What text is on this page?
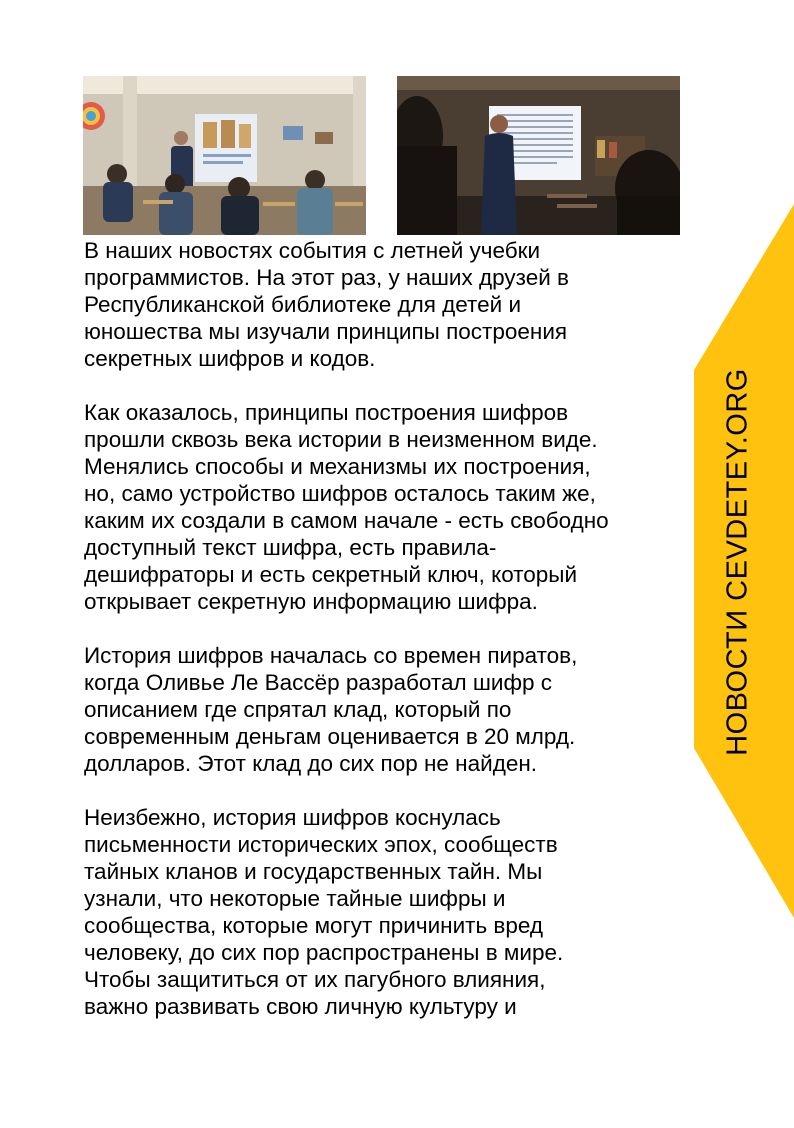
В наших новостях события с летней учебки
программистов. На этот раз, у наших друзей в
Республиканской библиотеке для детей и
юношества мы изучали принципы построения
секретных шифров и кодов.

Как оказалось, принципы построения шифров
прошли сквозь века истории в неизменном виде.
Менялись способы и механизмы их построения,
но, само устройство шифров осталось таким же,
каким их создали в самом начале - есть свободно
доступный текст шифра, есть правила-
дешифраторы и есть секретный ключ, который
открывает секретную информацию шифра.

История шифров началась со времен пиратов,
когда Оливье Ле Вассёр разработал шифр с
описанием где спрятал клад, который по
современным деньгам оценивается в 20 млрд.
долларов. Этот клад до сих пор не найден.

Неизбежно, история шифров коснулась
письменности исторических эпох, сообществ
тайных кланов и государственных тайн. Мы
узнали, что некоторые тайные шифры и
сообщества, которые могут причинить вред
человеку, до сих пор распространены в мире.
Чтобы защититься от их пагубного влияния,
важно развивать свою личную культуру и

НОВОСТИ CEVDETEY.ORG
